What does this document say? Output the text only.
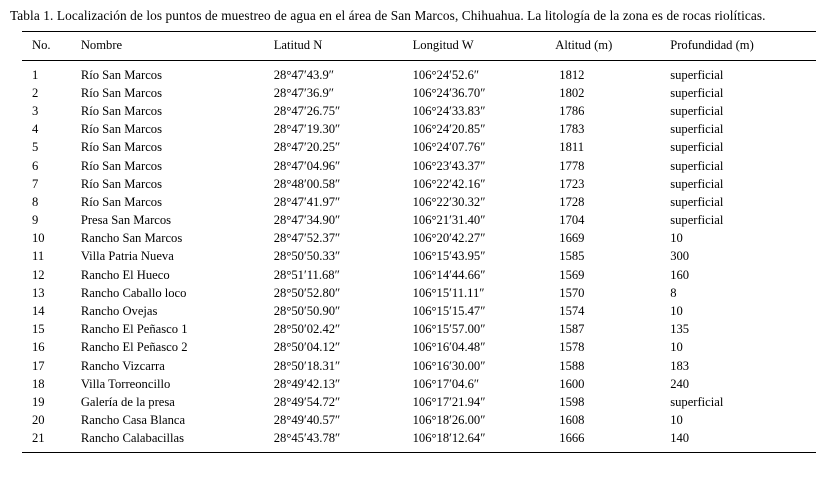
Tabla 1. Localización de los puntos de muestreo de agua en el área de San Marcos, Chihuahua. La litología de la zona es de rocas riolíticas.
No.	Nombre	Latitud N	Longitud W	Altitud (m)	Profundidad (m)
1	Río San Marcos	28°47′43.9″	106°24′52.6″	1812	superficial
2	Río San Marcos	28°47′36.9″	106°24′36.70″	1802	superficial
3	Río San Marcos	28°47′26.75″	106°24′33.83″	1786	superficial
4	Río San Marcos	28°47′19.30″	106°24′20.85″	1783	superficial
5	Río San Marcos	28°47′20.25″	106°24′07.76″	1811	superficial
6	Río San Marcos	28°47′04.96″	106°23′43.37″	1778	superficial
7	Río San Marcos	28°48′00.58″	106°22′42.16″	1723	superficial
8	Río San Marcos	28°47′41.97″	106°22′30.32″	1728	superficial
9	Presa San Marcos	28°47′34.90″	106°21′31.40″	1704	superficial
10	Rancho San Marcos	28°47′52.37″	106°20′42.27″	1669	10
11	Villa Patria Nueva	28°50′50.33″	106°15′43.95″	1585	300
12	Rancho El Hueco	28°51′11.68″	106°14′44.66″	1569	160
13	Rancho Caballo loco	28°50′52.80″	106°15′11.11″	1570	8
14	Rancho Ovejas	28°50′50.90″	106°15′15.47″	1574	10
15	Rancho El Peñasco 1	28°50′02.42″	106°15′57.00″	1587	135
16	Rancho El Peñasco 2	28°50′04.12″	106°16′04.48″	1578	10
17	Rancho Vizcarra	28°50′18.31″	106°16′30.00″	1588	183
18	Villa Torreoncillo	28°49′42.13″	106°17′04.6″	1600	240
19	Galería de la presa	28°49′54.72″	106°17′21.94″	1598	superficial
20	Rancho Casa Blanca	28°49′40.57″	106°18′26.00″	1608	10
21	Rancho Calabacillas	28°45′43.78″	106°18′12.64″	1666	140
